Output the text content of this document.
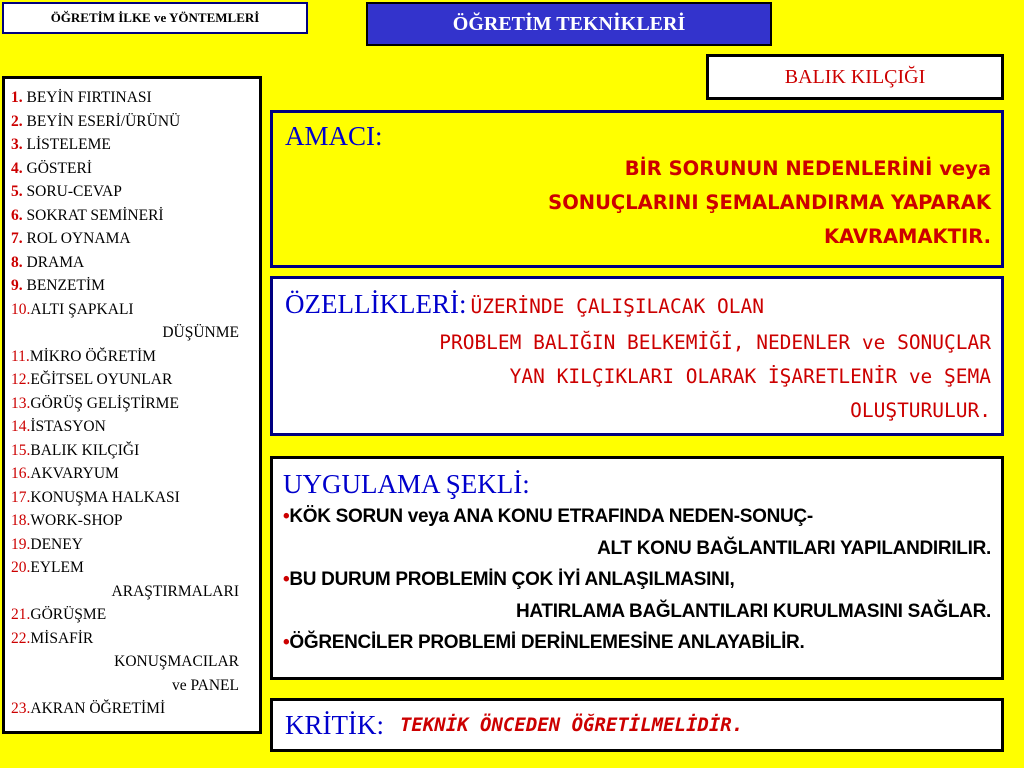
ÖĞRETİM İLKE ve YÖNTEMLERİ	ÖĞRETİM TEKNİKLERİ
BALIK KILÇIĞI
1. BEYİN FIRTINASI
2. BEYİN ESERİ/ÜRÜNÜ
3. LİSTELEME
4. GÖSTERİ
5. SORU-CEVAP
6. SOKRAT SEMİNERİ
7. ROL OYNAMA
8. DRAMA
9. BENZETİM
10.ALTI ŞAPKALI
DÜŞÜNME
11.MİKRO ÖĞRETİM
12.EĞİTSEL OYUNLAR
13.GÖRÜŞ GELİŞTİRME
14.İSTASYON
15.BALIK KILÇIĞI
16.AKVARYUM
17.KONUŞMA HALKASI
18.WORK-SHOP
19.DENEY
20.EYLEM
ARAŞTIRMALARI
21.GÖRÜŞME
22.MİSAFİR
KONUŞMACILAR
ve PANEL
23.AKRAN ÖĞRETİMİ
AMACI:
BİR SORUNUN NEDENLERİNİ veya
SONUÇLARINI ŞEMALANDIRMA YAPARAK
KAVRAMAKTIR.
ÖZELLİKLERİ: ÜZERİNDE ÇALIŞILACAK OLAN
PROBLEM BALIĞIN BELKEMİĞİ, NEDENLER ve SONUÇLAR
YAN KILÇIKLARI OLARAK İŞARETLENİR ve ŞEMA
OLUŞTURULUR.
UYGULAMA ŞEKLİ:
•KÖK SORUN veya ANA KONU ETRAFINDA NEDEN-SONUÇ-
ALT KONU BAĞLANTILARI YAPILANDIRILIR.
•BU DURUM PROBLEMİN ÇOK İYİ ANLAŞILMASINI,
HATIRLAMA BAĞLANTILARI KURULMASINI SAĞLAR.
•ÖĞRENCİLER PROBLEMİ DERİNLEMESİNE ANLAYABİLİR.
KRİTİK: TEKNİK ÖNCEDEN ÖĞRETİLMELİDİR.
